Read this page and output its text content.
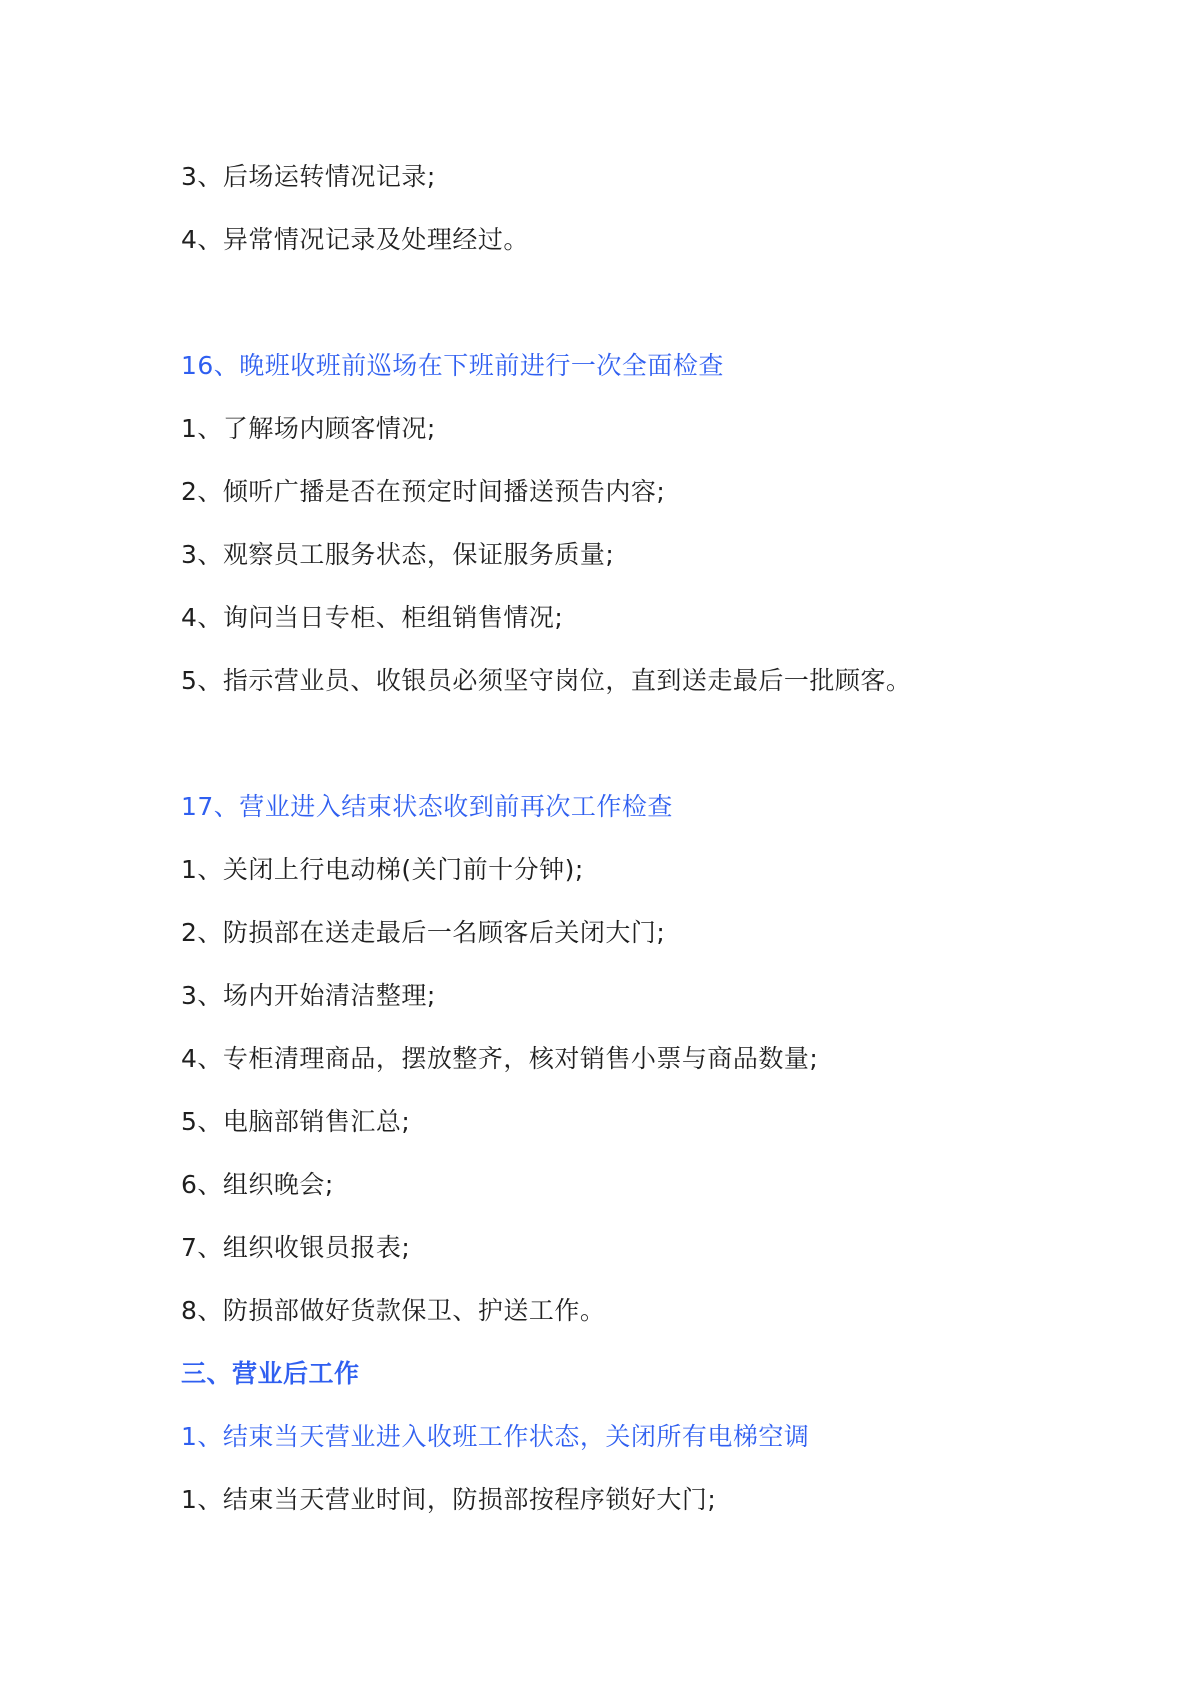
3、后场运转情况记录;
4、异常情况记录及处理经过。
16、晚班收班前巡场在下班前进行一次全面检查
1、了解场内顾客情况;
2、倾听广播是否在预定时间播送预告内容;
3、观察员工服务状态，保证服务质量;
4、询问当日专柜、柜组销售情况;
5、指示营业员、收银员必须坚守岗位，直到送走最后一批顾客。
17、营业进入结束状态收到前再次工作检查
1、关闭上行电动梯(关门前十分钟);
2、防损部在送走最后一名顾客后关闭大门;
3、场内开始清洁整理;
4、专柜清理商品，摆放整齐，核对销售小票与商品数量;
5、电脑部销售汇总;
6、组织晚会;
7、组织收银员报表;
8、防损部做好货款保卫、护送工作。
三、营业后工作
1、结束当天营业进入收班工作状态，关闭所有电梯空调
1、结束当天营业时间，防损部按程序锁好大门;
